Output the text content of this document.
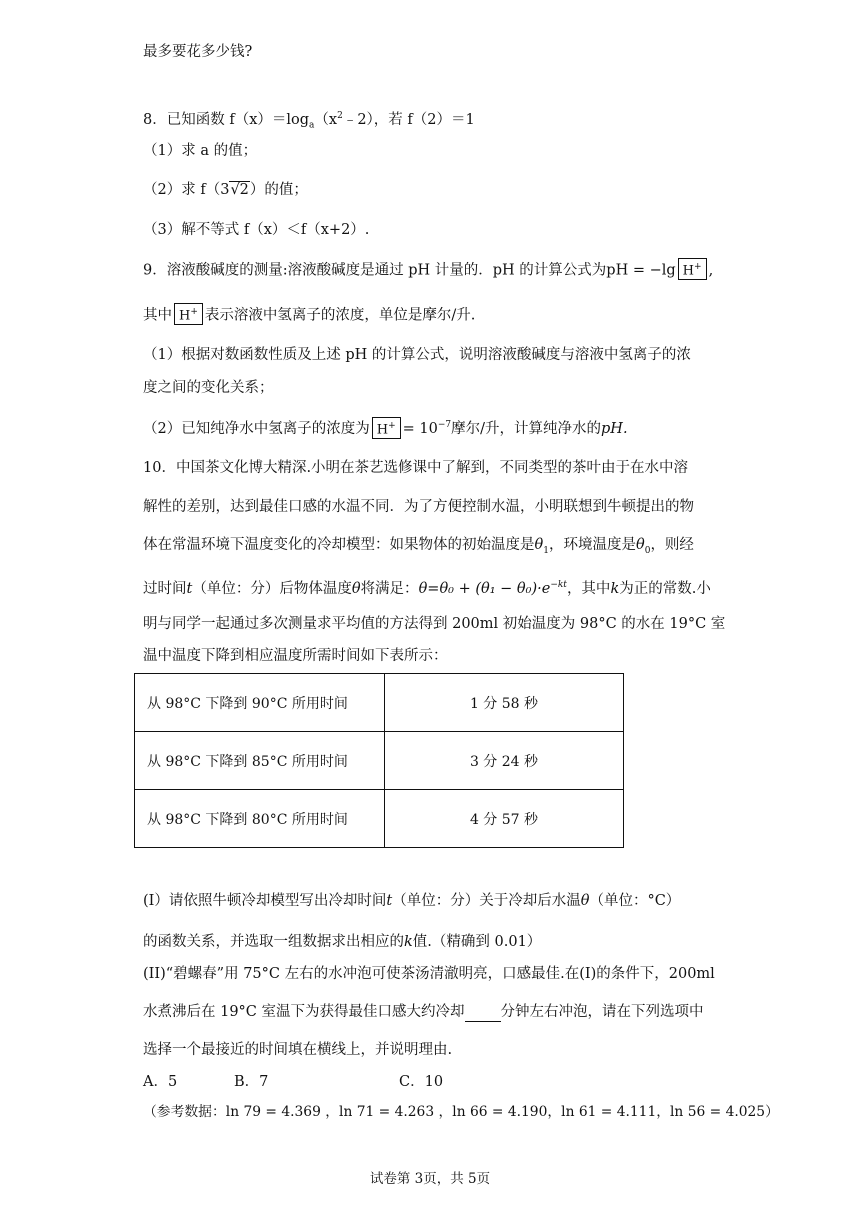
最多要花多少钱?
8．已知函数 $f(x)=\log_a(x^2﹣2)$，若 f（2）＝1
（1）求 a 的值；
（2）求 f（3√2）的值；
（3）解不等式 f（x）＜f（x+2）.
9．溶液酸碱度的测量:溶液酸碱度是通过 pH 计量的．pH 的计算公式为pH = −lg H+ ,
其中 H+ 表示溶液中氢离子的浓度，单位是摩尔/升.
（1）根据对数函数性质及上述 pH 的计算公式，说明溶液酸碱度与溶液中氢离子的浓
度之间的变化关系；
（2）已知纯净水中氢离子的浓度为 $H^+ = 10^{-7}$摩尔/升，计算纯净水的pH.
10．中国茶文化博大精深.小明在茶艺选修课中了解到，不同类型的茶叶由于在水中溶
解性的差别，达到最佳口感的水温不同．为了方便控制水温，小明联想到牛顿提出的物
体在常温环境下温度变化的冷却模型：如果物体的初始温度是$\theta_1$，环境温度是$\theta_0$，则经
过时间t（单位：分）后物体温度θ将满足：$\theta=\theta_0 + (\theta_1 - \theta_0)\cdot e^{-kt}$，其中k为正的常数.小
明与同学一起通过多次测量求平均值的方法得到 200ml 初始温度为 98°C 的水在 19°C 室
温中温度下降到相应温度所需时间如下表所示：
从 98°C 下降到 90°C 所用时间	1 分 58 秒
从 98°C 下降到 85°C 所用时间	3 分 24 秒
从 98°C 下降到 80°C 所用时间	4 分 57 秒
(I）请依照牛顿冷却模型写出冷却时间t（单位：分）关于冷却后水温θ（单位：°C）
的函数关系，并选取一组数据求出相应的k值.（精确到 0.01）
(II)“碧螺春”用 75°C 左右的水冲泡可使茶汤清澈明亮，口感最佳.在(I)的条件下，200ml
水煮沸后在 19°C 室温下为获得最佳口感大约冷却 分钟左右冲泡，请在下列选项中
选择一个最接近的时间填在横线上，并说明理由.
A．5	B．7	C．10
（参考数据：ln 79 = 4.369 ，ln 71 = 4.263 ，ln 66 = 4.190，ln 61 = 4.111，ln 56 = 4.025）
试卷第 3页，共 5页
